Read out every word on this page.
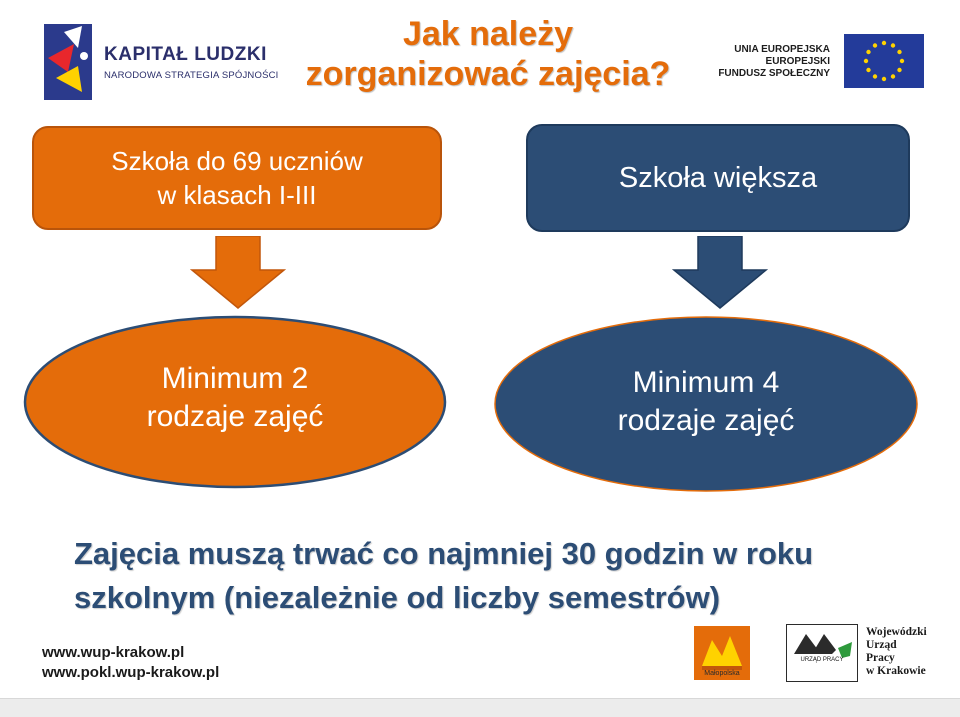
KAPITAŁ LUDZKI
NARODOWA STRATEGIA SPÓJNOŚCI
Jak należy
zorganizować zajęcia?
UNIA EUROPEJSKA
EUROPEJSKI
FUNDUSZ SPOŁECZNY
Szkoła do 69 uczniów
w klasach I-III
Szkoła większa
Minimum 2
rodzaje zajęć
Minimum 4
rodzaje zajęć
Zajęcia muszą trwać co najmniej 30 godzin w roku
szkolnym (niezależnie od liczby semestrów)
www.wup-krakow.pl
www.pokl.wup-krakow.pl	Małopolska
URZĄD PRACY
Wojewódzki
Urząd
Pracy
w Krakowie
